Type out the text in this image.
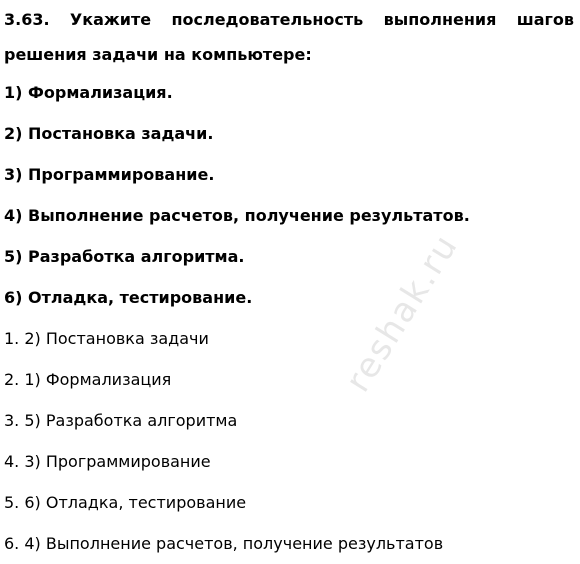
3.63. Укажите последовательность выполнения шагов
решения задачи на компьютере:
1) Формализация.
2) Постановка задачи.
3) Программирование.
4) Выполнение расчетов, получение результатов.
5) Разработка алгоритма.
6) Отладка, тестирование.
1. 2) Постановка задачи
2. 1) Формализация
3. 5) Разработка алгоритма
4. 3) Программирование
5. 6) Отладка, тестирование
6. 4) Выполнение расчетов, получение результатов
reshak.ru
